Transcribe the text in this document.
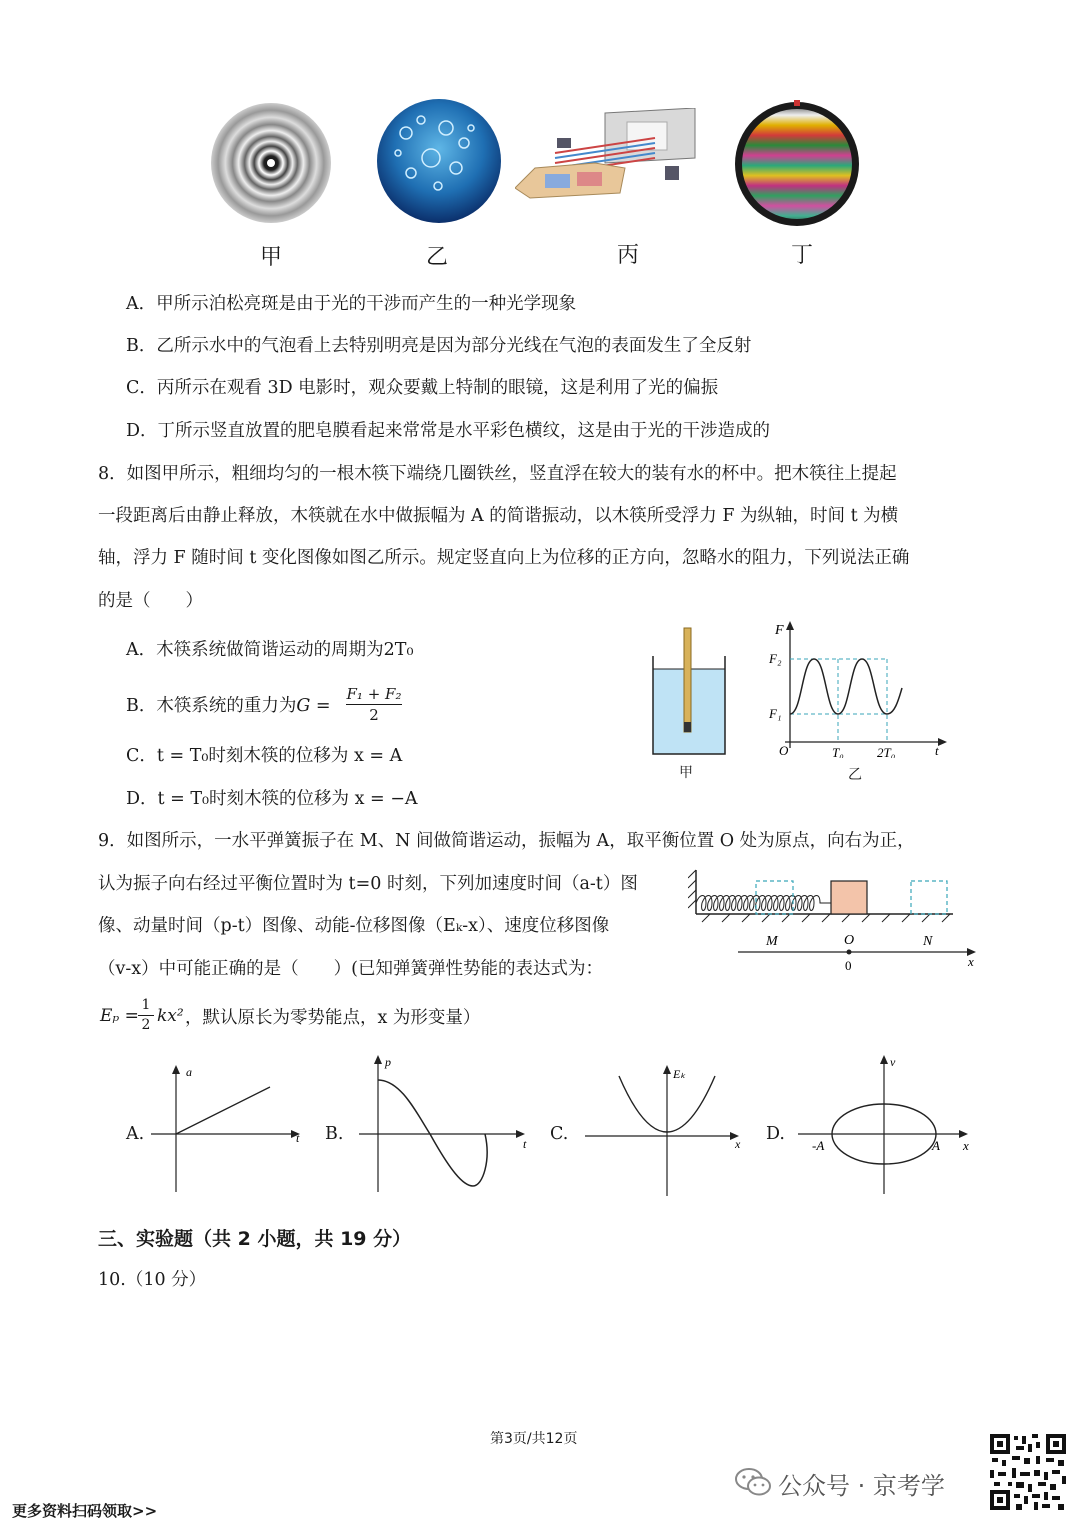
甲	乙	丙	丁
A．甲所示泊松亮斑是由于光的干涉而产生的一种光学现象
B．乙所示水中的气泡看上去特别明亮是因为部分光线在气泡的表面发生了全反射
C．丙所示在观看 3D 电影时，观众要戴上特制的眼镜，这是利用了光的偏振
D．丁所示竖直放置的肥皂膜看起来常常是水平彩色横纹，这是由于光的干涉造成的
8．如图甲所示，粗细均匀的一根木筷下端绕几圈铁丝，竖直浮在较大的装有水的杯中。把木筷往上提起
一段距离后由静止释放，木筷就在水中做振幅为 A 的简谐振动，以木筷所受浮力 F 为纵轴，时间 t 为横
轴，浮力 F 随时间 t 变化图像如图乙所示。规定竖直向上为位移的正方向，忽略水的阻力，下列说法正确
的是（　　）
A．木筷系统做简谐运动的周期为2T₀
B．木筷系统的重力为$G = \frac{\text{F₁ + F₂}}{2}$
C．t = T₀时刻木筷的位移为 x = A
D．t = T₀时刻木筷的位移为 x = −A
甲
F
F₂
F₁
O	T₀	2T₀	t
乙
9．如图所示，一水平弹簧振子在 M、N 间做简谐运动，振幅为 A，取平衡位置 O 处为原点，向右为正，
认为振子向右经过平衡位置时为 t=0 时刻，下列加速度时间（a-t）图
像、动量时间（p-t）图像、动能-位移图像（Eₖ-x）、速度位移图像
（v-x）中可能正确的是（　　）(已知弹簧弹性势能的表达式为：
$E_p = \frac{1}{2} kx^2$ ，默认原长为零势能点，x 为形变量）
M	O	N
0	x
A.
a
t B.
p
t C.
Eₖ
x D.
v
x
-A	A
三、实验题（共 2 小题，共 19 分）
10.（10 分）
第3页/共12页
公众号 · 京考学
更多资料扫码领取>>
